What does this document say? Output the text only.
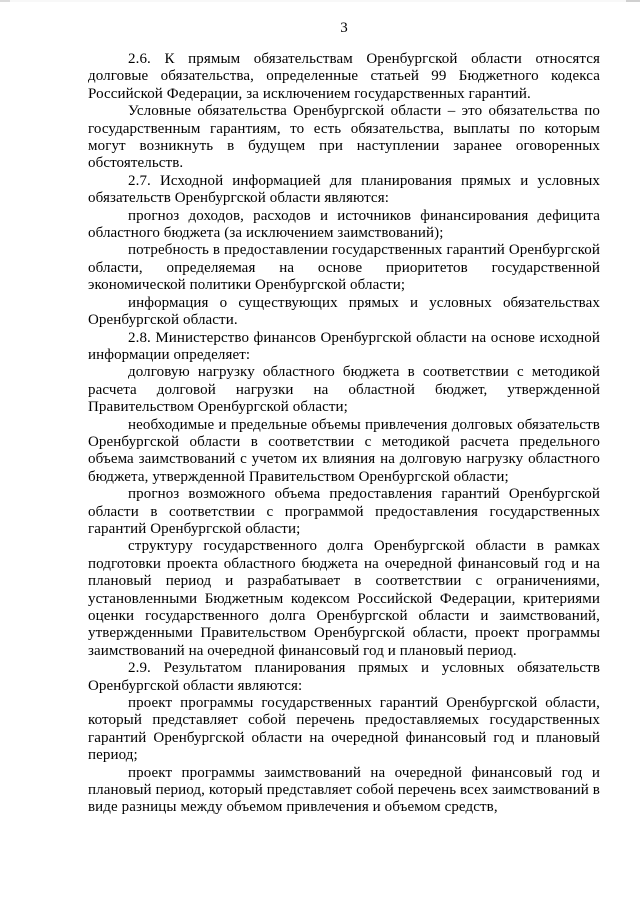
3

2.6. К прямым обязательствам Оренбургской области относятся долговые обязательства, определенные статьей 99 Бюджетного кодекса Российской Федерации, за исключением государственных гарантий.

Условные обязательства Оренбургской области – это обязательства по государственным гарантиям, то есть обязательства, выплаты по которым могут возникнуть в будущем при наступлении заранее оговоренных обстоятельств.

2.7. Исходной информацией для планирования прямых и условных обязательств Оренбургской области являются:

прогноз доходов, расходов и источников финансирования дефицита областного бюджета (за исключением заимствований);

потребность в предоставлении государственных гарантий Оренбургской области, определяемая на основе приоритетов государственной экономической политики Оренбургской области;

информация о существующих прямых и условных обязательствах Оренбургской области.

2.8. Министерство финансов Оренбургской области на основе исходной информации определяет:

долговую нагрузку областного бюджета в соответствии с методикой расчета долговой нагрузки на областной бюджет, утвержденной Правительством Оренбургской области;

необходимые и предельные объемы привлечения долговых обязательств Оренбургской области в соответствии с методикой расчета предельного объема заимствований с учетом их влияния на долговую нагрузку областного бюджета, утвержденной Правительством Оренбургской области;

прогноз возможного объема предоставления гарантий Оренбургской области в соответствии с программой предоставления государственных гарантий Оренбургской области;

структуру государственного долга Оренбургской области в рамках подготовки проекта областного бюджета на очередной финансовый год и на плановый период и разрабатывает в соответствии с ограничениями, установленными Бюджетным кодексом Российской Федерации, критериями оценки государственного долга Оренбургской области и заимствований, утвержденными Правительством Оренбургской области, проект программы заимствований на очередной финансовый год и плановый период.

2.9. Результатом планирования прямых и условных обязательств Оренбургской области являются:

проект программы государственных гарантий Оренбургской области, который представляет собой перечень предоставляемых государственных гарантий Оренбургской области на очередной финансовый год и плановый период;

проект программы заимствований на очередной финансовый год и плановый период, который представляет собой перечень всех заимствований в виде разницы между объемом привлечения и объемом средств,
